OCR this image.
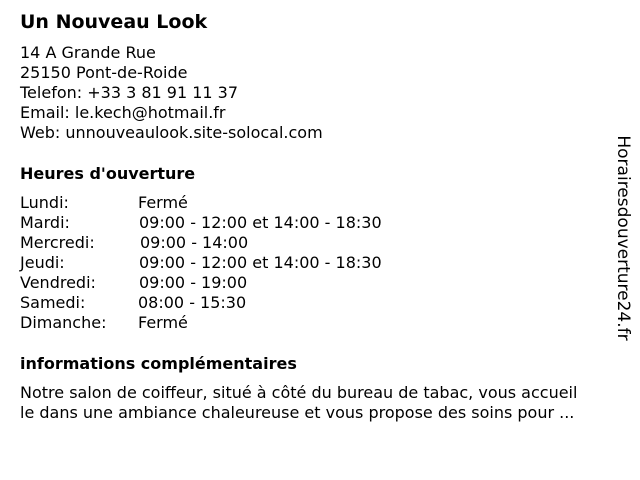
Un Nouveau Look
14 A Grande Rue
25150 Pont-de-Roide
Telefon: +33 3 81 91 11 37
Email: le.kech@hotmail.fr
Web: unnouveaulook.site-solocal.com
Heures d'ouverture
Lundi:	Fermé
Mardi:	09:00 - 12:00 et 14:00 - 18:30
Mercredi:	09:00 - 14:00
Jeudi:	09:00 - 12:00 et 14:00 - 18:30
Vendredi:	09:00 - 19:00
Samedi:	08:00 - 15:30
Dimanche: Fermé
informations complémentaires
Notre salon de coiffeur, situé à côté du bureau de tabac, vous accueil
le dans une ambiance chaleureuse et vous propose des soins pour ...
Horairesdouverture24.fr
